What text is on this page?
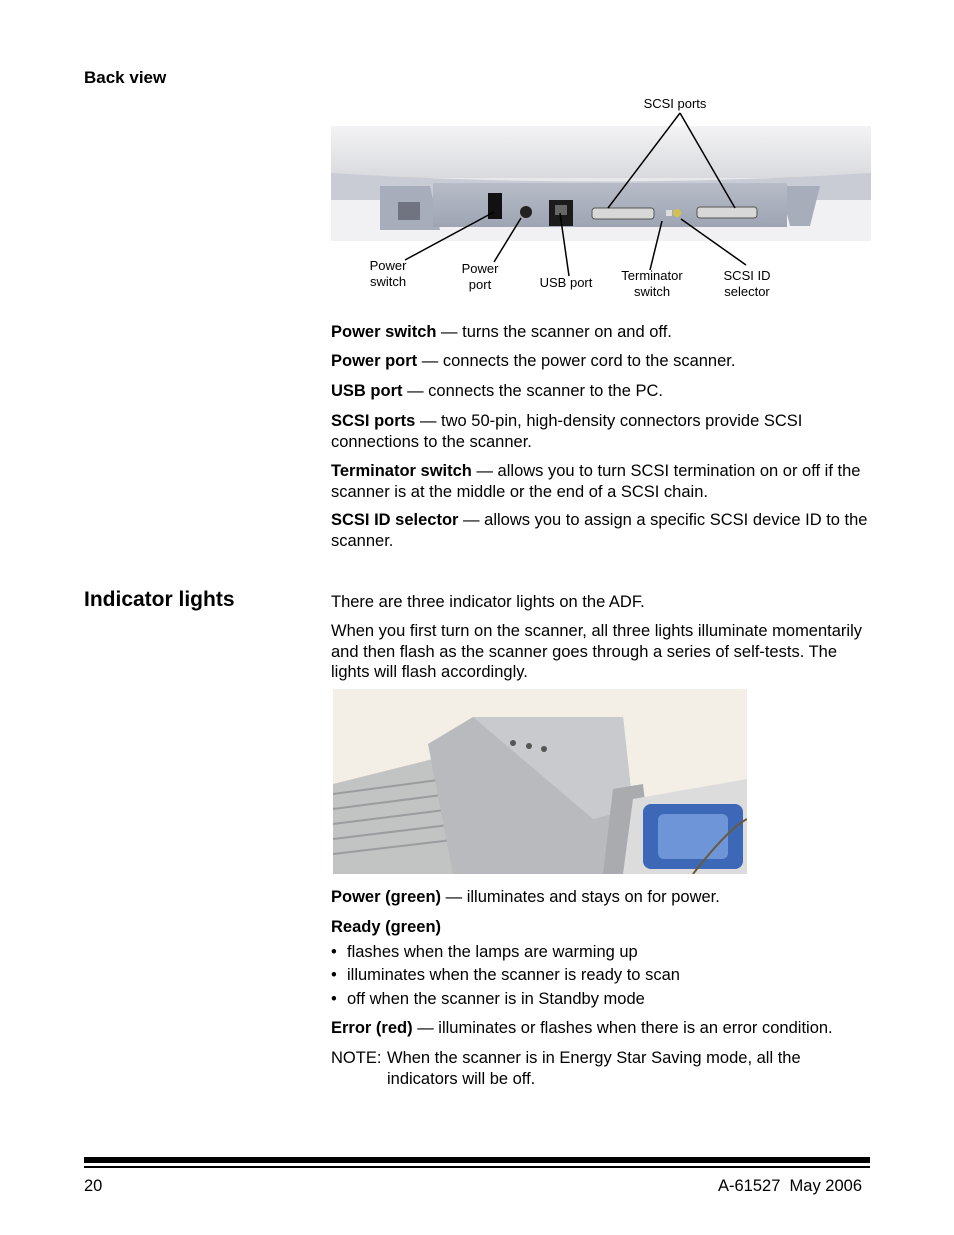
Back view
SCSI ports
Power switch
Power port	USB port	Terminator switch
SCSI ID selector
Power switch — turns the scanner on and off.
Power port — connects the power cord to the scanner.
USB port — connects the scanner to the PC.
SCSI ports — two 50-pin, high-density connectors provide SCSI connections to the scanner.
Terminator switch — allows you to turn SCSI termination on or off if the scanner is at the middle or the end of a SCSI chain.
SCSI ID selector — allows you to assign a specific SCSI device ID to the scanner.
Indicator lights	There are three indicator lights on the ADF.
When you first turn on the scanner, all three lights illuminate momentarily and then flash as the scanner goes through a series of self-tests. The lights will flash accordingly.
Power (green) — illuminates and stays on for power.
Ready (green)
• flashes when the lamps are warming up
• illuminates when the scanner is ready to scan
• off when the scanner is in Standby mode
Error (red) — illuminates or flashes when there is an error condition.
NOTE: When the scanner is in Energy Star Saving mode, all the indicators will be off.
20	A-61527  May 2006
